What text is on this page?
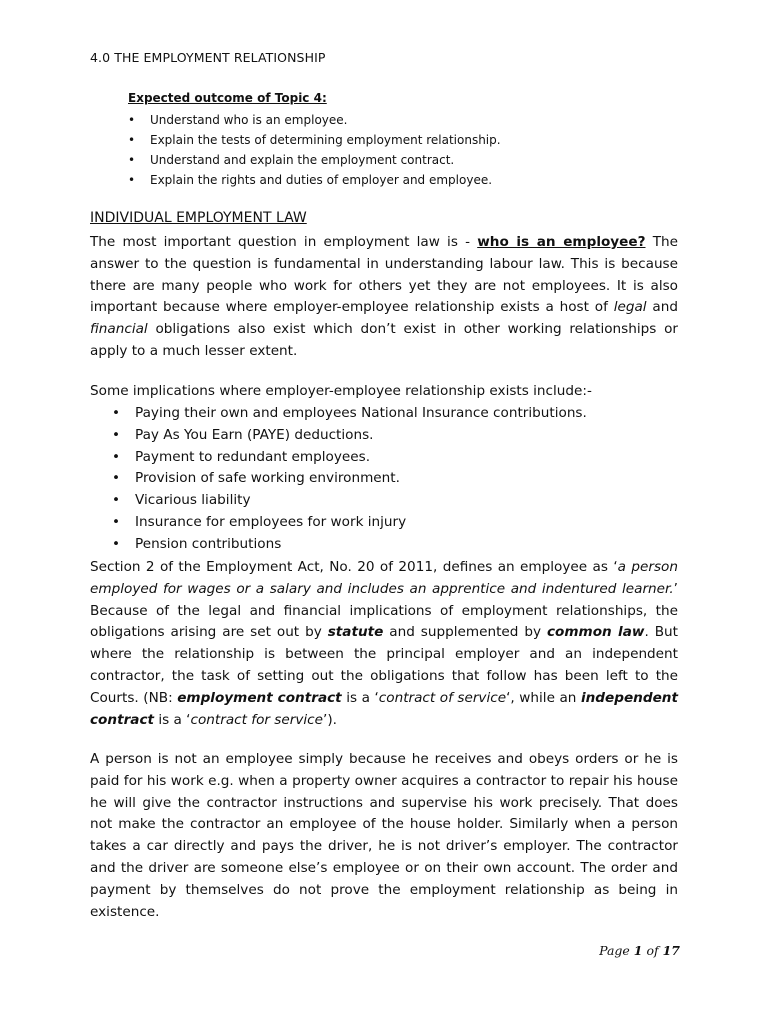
4.0 THE EMPLOYMENT RELATIONSHIP
Expected outcome of Topic 4:
• Understand who is an employee.
• Explain the tests of determining employment relationship.
• Understand and explain the employment contract.
• Explain the rights and duties of employer and employee.
INDIVIDUAL EMPLOYMENT LAW

The most important question in employment law is - who is an employee? The answer to the question is fundamental in understanding labour law. This is because there are many people who work for others yet they are not employees. It is also important because where employer-employee relationship exists a host of legal and financial obligations also exist which don’t exist in other working relationships or apply to a much lesser extent.

Some implications where employer-employee relationship exists include:-

• Paying their own and employees National Insurance contributions.
• Pay As You Earn (PAYE) deductions.
• Payment to redundant employees.
• Provision of safe working environment.
• Vicarious liability
• Insurance for employees for work injury
• Pension contributions

Section 2 of the Employment Act, No. 20 of 2011, defines an employee as ‘a person employed for wages or a salary and includes an apprentice and indentured learner.’ Because of the legal and financial implications of employment relationships, the obligations arising are set out by statute and supplemented by common law. But where the relationship is between the principal employer and an independent contractor, the task of setting out the obligations that follow has been left to the Courts. (NB: employment contract is a ‘contract of service‘, while an independent contract is a ‘contract for service’).

A person is not an employee simply because he receives and obeys orders or he is paid for his work e.g. when a property owner acquires a contractor to repair his house he will give the contractor instructions and supervise his work precisely. That does not make the contractor an employee of the house holder. Similarly when a person takes a car directly and pays the driver, he is not driver’s employer. The contractor and the driver are someone else’s employee or on their own account. The order and payment by themselves do not prove the employment relationship as being in existence.

Page 1 of 17
